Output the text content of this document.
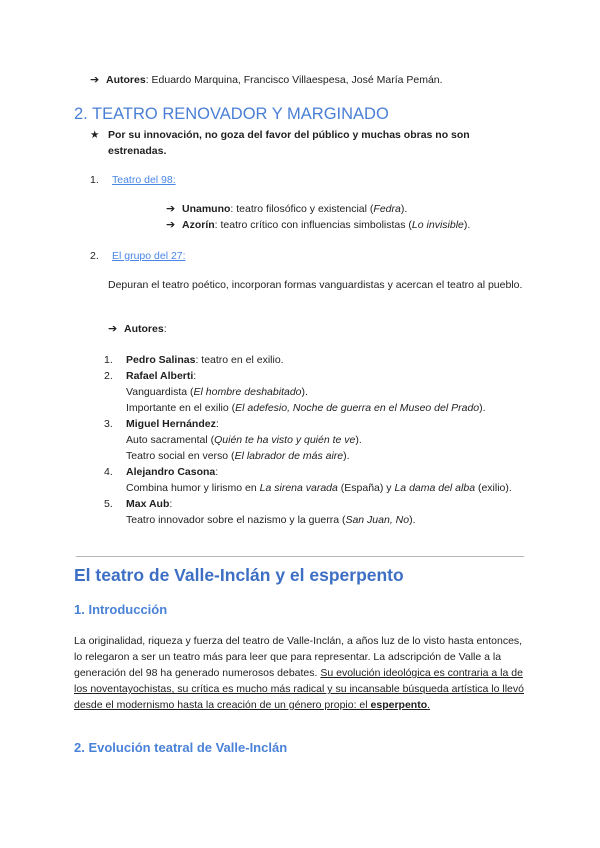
➔ Autores: Eduardo Marquina, Francisco Villaespesa, José María Pemán.
2. TEATRO RENOVADOR Y MARGINADO
★ Por su innovación, no goza del favor del público y muchas obras no son estrenadas.
1. Teatro del 98:
➔ Unamuno: teatro filosófico y existencial (Fedra).
➔ Azorín: teatro crítico con influencias simbolistas (Lo invisible).
2. El grupo del 27:
Depuran el teatro poético, incorporan formas vanguardistas y acercan el teatro al pueblo.
➔ Autores:
1. Pedro Salinas: teatro en el exilio.
2. Rafael Alberti:
Vanguardista (El hombre deshabitado).
Importante en el exilio (El adefesio, Noche de guerra en el Museo del Prado).
3. Miguel Hernández:
Auto sacramental (Quién te ha visto y quién te ve).
Teatro social en verso (El labrador de más aire).
4. Alejandro Casona:
Combina humor y lirismo en La sirena varada (España) y La dama del alba (exilio).
5. Max Aub:
Teatro innovador sobre el nazismo y la guerra (San Juan, No).
El teatro de Valle-Inclán y el esperpento
1. Introducción
La originalidad, riqueza y fuerza del teatro de Valle-Inclán, a años luz de lo visto hasta entonces, lo relegaron a ser un teatro más para leer que para representar. La adscripción de Valle a la generación del 98 ha generado numerosos debates. Su evolución ideológica es contraria a la de los noventayochistas, su crítica es mucho más radical y su incansable búsqueda artística lo llevó desde el modernismo hasta la creación de un género propio: el esperpento.
2. Evolución teatral de Valle-Inclán
